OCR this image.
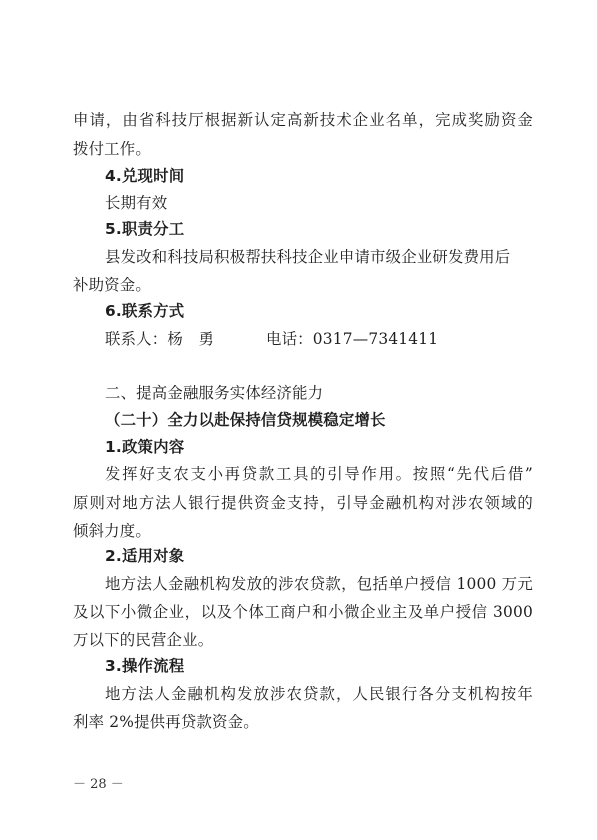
申请，由省科技厅根据新认定高新技术企业名单，完成奖励资金
拨付工作。
4.兑现时间
长期有效
5.职责分工
县发改和科技局积极帮扶科技企业申请市级企业研发费用后
补助资金。
6.联系方式
联系人：杨　勇	电话：0317—7341411
二、提高金融服务实体经济能力
（二十）全力以赴保持信贷规模稳定增长
1.政策内容
发挥好支农支小再贷款工具的引导作用。按照“先代后借”
原则对地方法人银行提供资金支持，引导金融机构对涉农领域的
倾斜力度。
2.适用对象
地方法人金融机构发放的涉农贷款，包括单户授信 1000 万元
及以下小微企业，以及个体工商户和小微企业主及单户授信 3000
万以下的民营企业。
3.操作流程
地方法人金融机构发放涉农贷款，人民银行各分支机构按年
利率 2%提供再贷款资金。
－ 28 －
